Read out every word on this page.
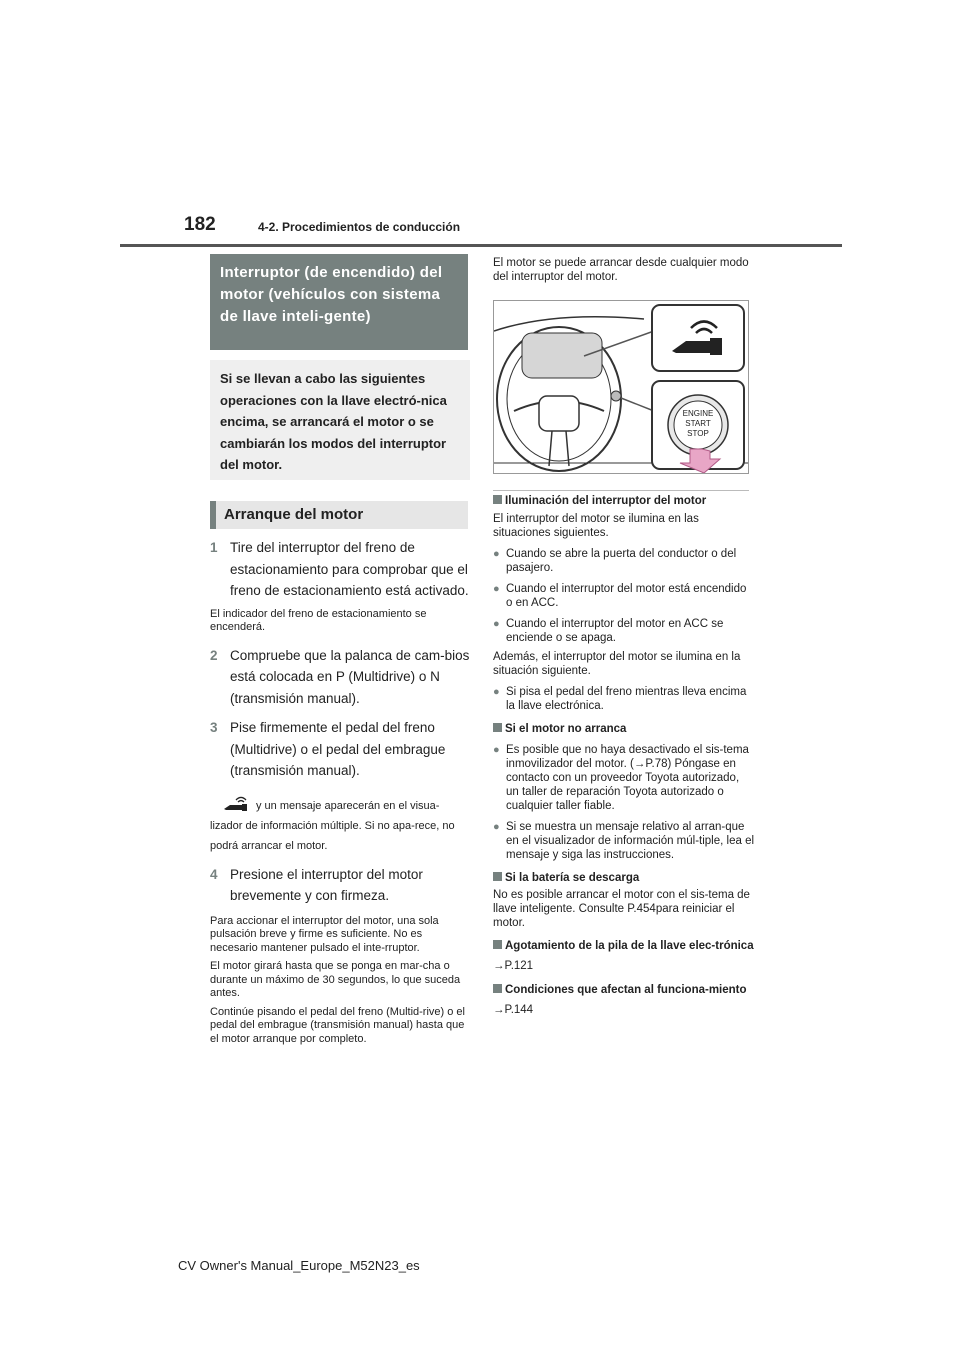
182	4-2. Procedimientos de conducción
Interruptor (de encendido) del motor (vehículos con sistema de llave inteli-gente)
Si se llevan a cabo las siguientes operaciones con la llave electró-nica encima, se arrancará el motor o se cambiarán los modos del interruptor del motor.
Arranque del motor
1 Tire del interruptor del freno de estacionamiento para comprobar que el freno de estacionamiento está activado.
El indicador del freno de estacionamiento se encenderá.
2 Compruebe que la palanca de cam-bios está colocada en P (Multidrive) o N (transmisión manual).
3 Pise firmemente el pedal del freno (Multidrive) o el pedal del embrague (transmisión manual).
y un mensaje aparecerán en el visua-lizador de información múltiple. Si no apa-rece, no podrá arrancar el motor.
4 Presione el interruptor del motor brevemente y con firmeza.
Para accionar el interruptor del motor, una sola pulsación breve y firme es suficiente. No es necesario mantener pulsado el inte-rruptor.
El motor girará hasta que se ponga en mar-cha o durante un máximo de 30 segundos, lo que suceda antes.
Continúe pisando el pedal del freno (Multid-rive) o el pedal del embrague (transmisión manual) hasta que el motor arranque por completo.
El motor se puede arrancar desde cualquier modo del interruptor del motor.
ENGINE
START
STOP
Iluminación del interruptor del motor
El interruptor del motor se ilumina en las situaciones siguientes.
● Cuando se abre la puerta del conductor o del pasajero.
● Cuando el interruptor del motor está encendido o en ACC.
● Cuando el interruptor del motor en ACC se enciende o se apaga.
Además, el interruptor del motor se ilumina en la situación siguiente.
● Si pisa el pedal del freno mientras lleva encima la llave electrónica.
Si el motor no arranca
● Es posible que no haya desactivado el sis-tema inmovilizador del motor. (→P.78) Póngase en contacto con un proveedor Toyota autorizado, un taller de reparación Toyota autorizado o cualquier taller fiable.
● Si se muestra un mensaje relativo al arran-que en el visualizador de información múl-tiple, lea el mensaje y siga las instrucciones.
Si la batería se descarga
No es posible arrancar el motor con el sis-tema de llave inteligente. Consulte P.454para reiniciar el motor.
Agotamiento de la pila de la llave elec-trónica
→P.121
Condiciones que afectan al funciona-miento
→P.144
CV Owner's Manual_Europe_M52N23_es
